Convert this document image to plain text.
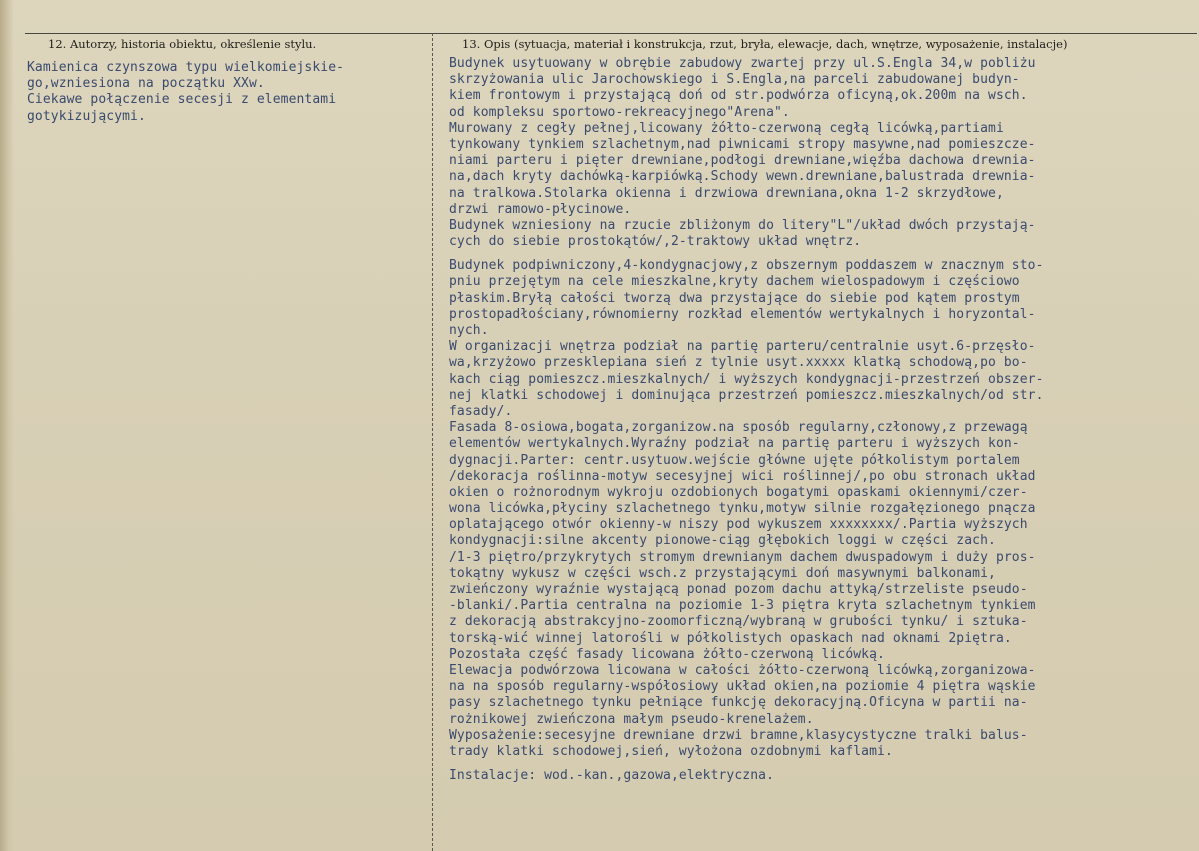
12. Autorzy, historia obiektu, określenie stylu.	13. Opis (sytuacja, materiał i konstrukcja, rzut, bryła, elewacje, dach, wnętrze, wyposażenie, instalacje)
Kamienica czynszowa typu wielkomiejskie-
go,wzniesiona na początku XXw.
Ciekawe połączenie secesji z elementami
gotykizującymi.
Budynek usytuowany w obrębie zabudowy zwartej przy ul.S.Engla 34,w pobliżu
skrzyżowania ulic Jarochowskiego i S.Engla,na parceli zabudowanej budyn-
kiem frontowym i przystającą doń od str.podwórza oficyną,ok.200m na wsch.
od kompleksu sportowo-rekreacyjnego"Arena".
Murowany z cegły pełnej,licowany żółto-czerwoną cegłą licówką,partiami
tynkowany tynkiem szlachetnym,nad piwnicami stropy masywne,nad pomieszcze-
niami parteru i pięter drewniane,podłogi drewniane,więźba dachowa drewnia-
na,dach kryty dachówką-karpiówką.Schody wewn.drewniane,balustrada drewnia-
na tralkowa.Stolarka okienna i drzwiowa drewniana,okna 1-2 skrzydłowe,
drzwi ramowo-płycinowe.
Budynek wzniesiony na rzucie zbliżonym do litery"L"/układ dwóch przystają-
cych do siebie prostokątów/,2-traktowy układ wnętrz.
Budynek podpiwniczony,4-kondygnacjowy,z obszernym poddaszem w znacznym sto-
pniu przejętym na cele mieszkalne,kryty dachem wielospadowym i częściowo
płaskim.Bryłą całości tworzą dwa przystające do siebie pod kątem prostym
prostopadłościany,równomierny rozkład elementów wertykalnych i horyzontal-
nych.
W organizacji wnętrza podział na partię parteru/centralnie usyt.6-przęsło-
wa,krzyżowo przesklepiana sień z tylnie usyt.xxxxx klatką schodową,po bo-
kach ciąg pomieszcz.mieszkalnych/ i wyższych kondygnacji-przestrzeń obszer-
nej klatki schodowej i dominująca przestrzeń pomieszcz.mieszkalnych/od str.
fasady/.
Fasada 8-osiowa,bogata,zorganizow.na sposób regularny,członowy,z przewagą
elementów wertykalnych.Wyraźny podział na partię parteru i wyższych kon-
dygnacji.Parter: centr.usytuow.wejście główne ujęte półkolistym portalem
/dekoracja roślinna-motyw secesyjnej wici roślinnej/,po obu stronach układ
okien o rożnorodnym wykroju ozdobionych bogatymi opaskami okiennymi/czer-
wona licówka,płyciny szlachetnego tynku,motyw silnie rozgałęzionego pnącza
oplatającego otwór okienny-w niszy pod wykuszem xxxxxxxx/.Partia wyższych
kondygnacji:silne akcenty pionowe-ciąg głębokich loggi w części zach.
/1-3 piętro/przykrytych stromym drewnianym dachem dwuspadowym i duży pros-
tokątny wykusz w części wsch.z przystającymi doń masywnymi balkonami,
zwieńczony wyraźnie wystającą ponad pozom dachu attyką/strzeliste pseudo-
-blanki/.Partia centralna na poziomie 1-3 piętra kryta szlachetnym tynkiem
z dekoracją abstrakcyjno-zoomorficzną/wybraną w grubości tynku/ i sztuka-
torską-wić winnej latorośli w półkolistych opaskach nad oknami 2piętra.
Pozostała część fasady licowana żółto-czerwoną licówką.
Elewacja podwórzowa licowana w całości żółto-czerwoną licówką,zorganizowa-
na na sposób regularny-współosiowy układ okien,na poziomie 4 piętra wąskie
pasy szlachetnego tynku pełniące funkcję dekoracyjną.Oficyna w partii na-
rożnikowej zwieńczona małym pseudo-krenelażem.
Wyposażenie:secesyjne drewniane drzwi bramne,klasycystyczne tralki balus-
trady klatki schodowej,sień, wyłożona ozdobnymi kaflami.
Instalacje: wod.-kan.,gazowa,elektryczna.
